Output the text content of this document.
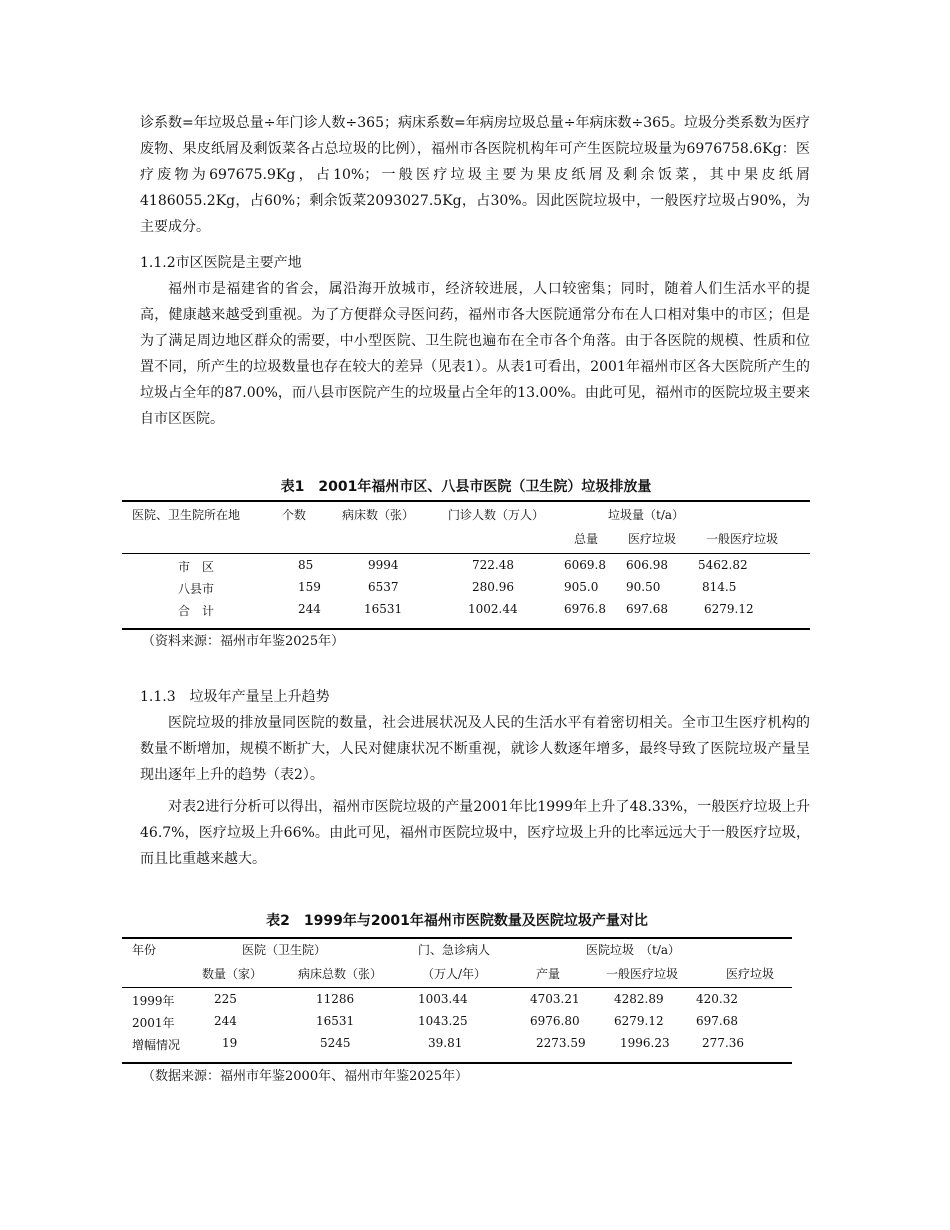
诊系数=年垃圾总量÷年门诊人数÷365；病床系数=年病房垃圾总量÷年病床数÷365。垃圾分类系数为医疗废物、果皮纸屑及剩饭菜各占总垃圾的比例），福州市各医院机构年可产生医院垃圾量为6976758.6Kg：医疗废物为697675.9Kg，占10%；一般医疗垃圾主要为果皮纸屑及剩余饭菜，其中果皮纸屑4186055.2Kg，占60%；剩余饭菜2093027.5Kg，占30%。因此医院垃圾中，一般医疗垃圾占90%，为主要成分。

1.1.2市区医院是主要产地

福州市是福建省的省会，属沿海开放城市，经济较进展，人口较密集；同时，随着人们生活水平的提高，健康越来越受到重视。为了方便群众寻医问药，福州市各大医院通常分布在人口相对集中的市区；但是为了满足周边地区群众的需要，中小型医院、卫生院也遍布在全市各个角落。由于各医院的规模、性质和位置不同，所产生的垃圾数量也存在较大的差异（见表1）。从表1可看出，2001年福州市区各大医院所产生的垃圾占全年的87.00%，而八县市医院产生的垃圾量占全年的13.00%。由此可见，福州市的医院垃圾主要来自市区医院。

表1　2001年福州市区、八县市医院（卫生院）垃圾排放量

医院、卫生院所在地	个数	病床数（张）	门诊人数（万人）	垃圾量（t/a）
总量 医疗垃圾 一般医疗垃圾
市　区	85	9994	722.48	6069.8 606.98	5462.82
八县市	159	6537	280.96	905.0 90.50	814.5
合　计	244	16531	1002.44	6976.8 697.68	6279.12

（资料来源：福州市年鉴2025年）

1.1.3　垃圾年产量呈上升趋势

医院垃圾的排放量同医院的数量，社会进展状况及人民的生活水平有着密切相关。全市卫生医疗机构的数量不断增加，规模不断扩大，人民对健康状况不断重视，就诊人数逐年增多，最终导致了医院垃圾产量呈现出逐年上升的趋势（表2）。

对表2进行分析可以得出，福州市医院垃圾的产量2001年比1999年上升了48.33%，一般医疗垃圾上升46.7%，医疗垃圾上升66%。由此可见，福州市医院垃圾中，医疗垃圾上升的比率远远大于一般医疗垃圾，而且比重越来越大。

表2　1999年与2001年福州市医院数量及医院垃圾产量对比

年份	医院（卫生院）	门、急诊病人	医院垃圾　（t/a）
数量（家）	病床总数（张）	（万人/年）	产量	一般医疗垃圾	医疗垃圾
1999年	225	11286	1003.44	4703.21	4282.89	420.32
2001年	244	16531	1043.25	6976.80	6279.12	697.68
增幅情况	19	5245	39.81	2273.59	1996.23	277.36

（数据来源：福州市年鉴2000年、福州市年鉴2025年）
